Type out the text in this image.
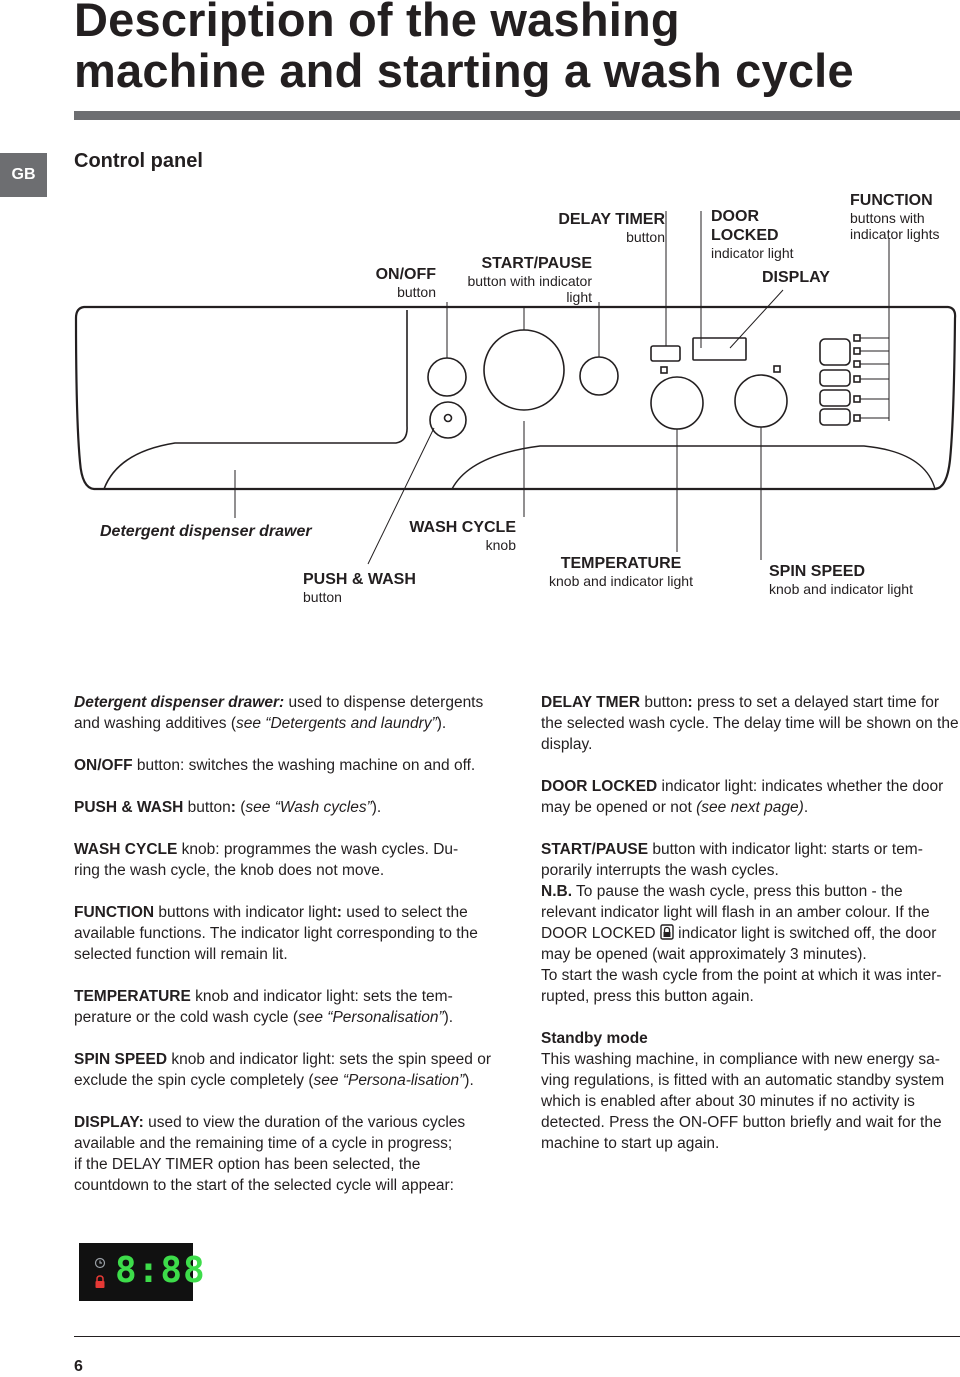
Description of the washing
machine and starting a wash cycle
GB
Control panel
ON/OFF
button
START/PAUSE
button with indicator
light
DELAY TIMER
button
DOOR
LOCKED
indicator light
DISPLAY
FUNCTION
buttons with
indicator lights
Detergent dispenser drawer	WASH CYCLE
knob
PUSH & WASH
button
TEMPERATURE
knob and indicator light
SPIN SPEED
knob and indicator light

Detergent dispenser drawer: used to dispense detergents and washing additives (see “Detergents and laundry”).

ON/OFF button: switches the washing machine on and off.

PUSH & WASH button: (see “Wash cycles”).

WASH CYCLE knob: programmes the wash cycles. Du-
ring the wash cycle, the knob does not move.

FUNCTION buttons with indicator light: used to select the available functions. The indicator light corresponding to the selected function will remain lit.

TEMPERATURE knob and indicator light: sets the tem-
perature or the cold wash cycle (see “Personalisation”).

SPIN SPEED knob and indicator light: sets the spin speed or exclude the spin cycle completely (see “Persona-lisation”).

DISPLAY: used to view the duration of the various cycles available and the remaining time of a cycle in progress;
if the DELAY TIMER option has been selected, the countdown to the start of the selected cycle will appear:

8:88

DELAY TMER button: press to set a delayed start time for the selected wash cycle. The delay time will be shown on the display.

DOOR LOCKED indicator light: indicates whether the door may be opened or not (see next page).

START/PAUSE button with indicator light: starts or tem-
porarily interrupts the wash cycles.
N.B. To pause the wash cycle, press this button - the relevant indicator light will flash in an amber colour. If the DOOR LOCKED  indicator light is switched off, the door may be opened (wait approximately 3 minutes).
To start the wash cycle from the point at which it was inter-
rupted, press this button again.

Standby mode
This washing machine, in compliance with new energy sa-ving regulations, is fitted with an automatic standby system which is enabled after about 30 minutes if no activity is detected. Press the ON-OFF button briefly and wait for the machine to start up again.

6
